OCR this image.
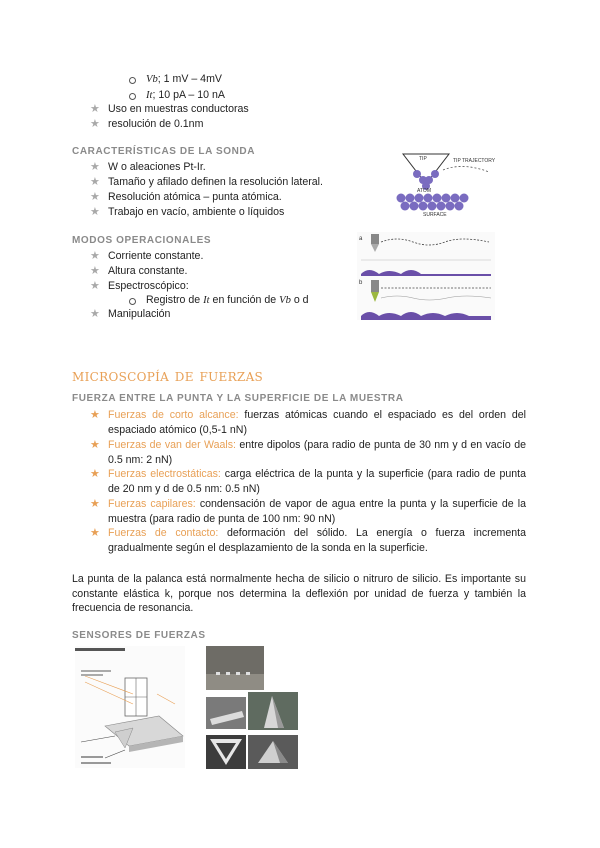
Vb; 1 mV – 4mV
It; 10 pA – 10 nA
★ Uso en muestras conductoras
★ resolución de 0.1nm
CARACTERÍSTICAS DE LA SONDA
★ W o aleaciones Pt-Ir.
★ Tamaño y afilado definen la resolución lateral.
★ Resolución atómica – punta atómica.
★ Trabajo en vacío, ambiente o líquidos
TIP	TIP TRAJECTORY
ATOM
SURFACE
MODOS OPERACIONALES
★ Corriente constante.
★ Altura constante.
★ Espectroscópico:
Registro de It en función de Vb o d
★ Manipulación
a
b
microscopía de fuerzas
FUERZA ENTRE LA PUNTA Y LA SUPERFICIE DE LA MUESTRA
★ Fuerzas de corto alcance: fuerzas atómicas cuando el espaciado es del orden del espaciado atómico (0,5-1 nN)
★ Fuerzas de van der Waals: entre dipolos (para radio de punta de 30 nm y d en vacío de 0.5 nm: 2 nN)
★ Fuerzas electrostáticas: carga eléctrica de la punta y la superficie (para radio de punta de 20 nm y d de 0.5 nm: 0.5 nN)
★ Fuerzas capilares: condensación de vapor de agua entre la punta y la superficie de la muestra (para radio de punta de 100 nm: 90 nN)
★ Fuerzas de contacto: deformación del sólido. La energía o fuerza incrementa gradualmente según el desplazamiento de la sonda en la superficie.
La punta de la palanca está normalmente hecha de silicio o nitruro de silicio. Es importante su constante elástica k, porque nos determina la deflexión por unidad de fuerza y también la frecuencia de resonancia.
SENSORES DE FUERZAS
